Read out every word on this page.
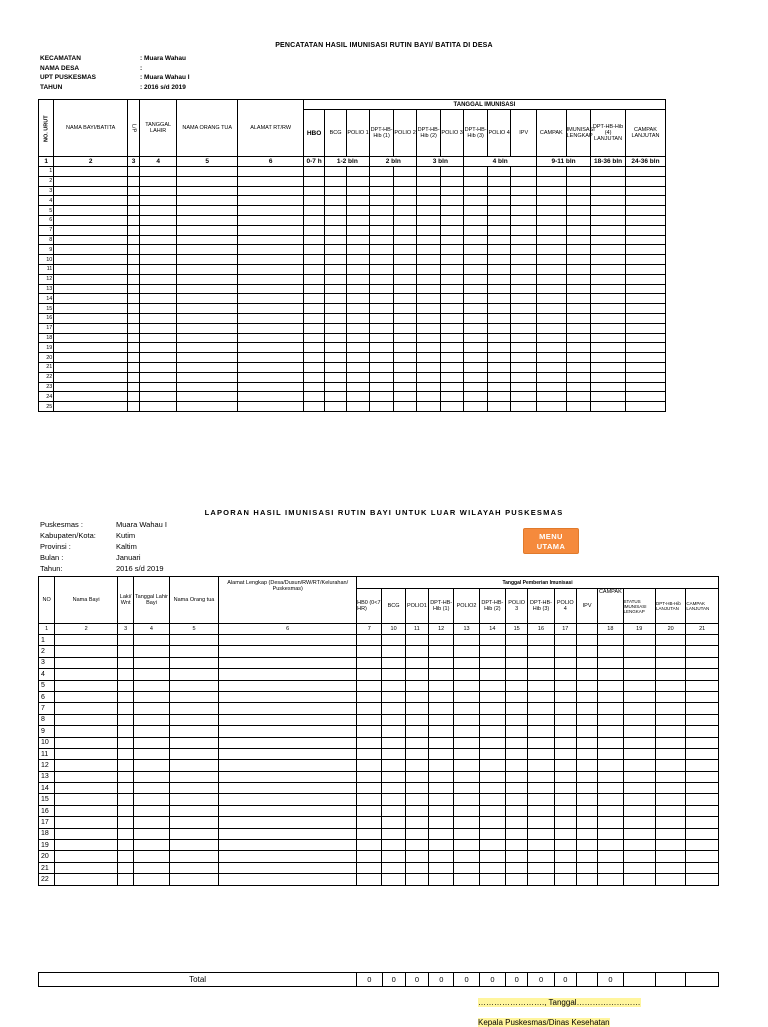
PENCATATAN HASIL IMUNISASI RUTIN BAYI/ BATITA DI DESA
KECAMATAN	: Muara Wahau
NAMA DESA	:
UPT PUSKESMAS	: Muara Wahau I
TAHUN	: 2016 s/d 2019
NO. URUT	NAMA BAYI/BATITA	L/P	TANGGAL LAHIR	NAMA ORANG TUA	ALAMAT RT/RW	TANGGAL IMUNISASI													
						HBO	BCG	POLIO 1	DPT-HB-Hib (1)	POLIO 2	DPT-HB-Hib (2)	POLIO 3	DPT-HB-Hib (3)	POLIO 4	IPV	CAMPAK	IMUNISASI LENGKAP	DPT-HB-Hib (4) LANJUTAN	CAMPAK LANJUTAN
1	2	3	4	5	6	0-7 h	1-2 bln		2 bln		3 bln		4 bln			9-11 bln		18-36 bln	24-36 bln
1																			
2																			
3																			
4																			
5																			
6																			
7																			
8																			
9																			
10																			
11																			
12																			
13																			
14																			
15																			
16																			
17																			
18																			
19																			
20																			
21																			
22																			
23																			
24																			
25																			
LAPORAN HASIL IMUNISASI RUTIN BAYI UNTUK LUAR WILAYAH PUSKESMAS
Puskesmas :	Muara Wahau I
Kabupaten/Kota:	Kutim
Provinsi :	Kaltim
Bulan :	Januari
Tahun:	2016 s/d 2019
MENU UTAMA
NO	Nama Bayi	Laki/ Wnt	Tanggal Lahir Bayi	Nama Orang tua	Alamat Lengkap (Desa/Dusun/RW/RT/Kelurahan/ Puskesmas)	Tanggal Pemberian Imunisasi													
						HB0 (0<7 HR)	BCG	POLIO1	DPT-HB-Hib (1)	POLIO2	DPT-HB-Hib (2)	POLIO 3	DPT-HB-Hib (3)	POLIO 4	IPV	CAMPAK	STATUS IMUNISASI LENGKAP	DPT-HB-Hib LANJUTAN	CAMPAK LANJUTAN
1	2	3	4	5	6	7	10	11	12	13	14	15	16	17		18	19	20	21
1																			
2																			
3																			
4																			
5																			
6																			
7																			
8																			
9																			
10																			
11																			
12																			
13																			
14																			
15																			
16																			
17																			
18																			
19																			
20																			
21																			
22																			
Total	0	0	0	0	0	0	0	0	0		0			
……………………., Tanggal……………………
Kepala Puskesmas/Dinas Kesehatan
